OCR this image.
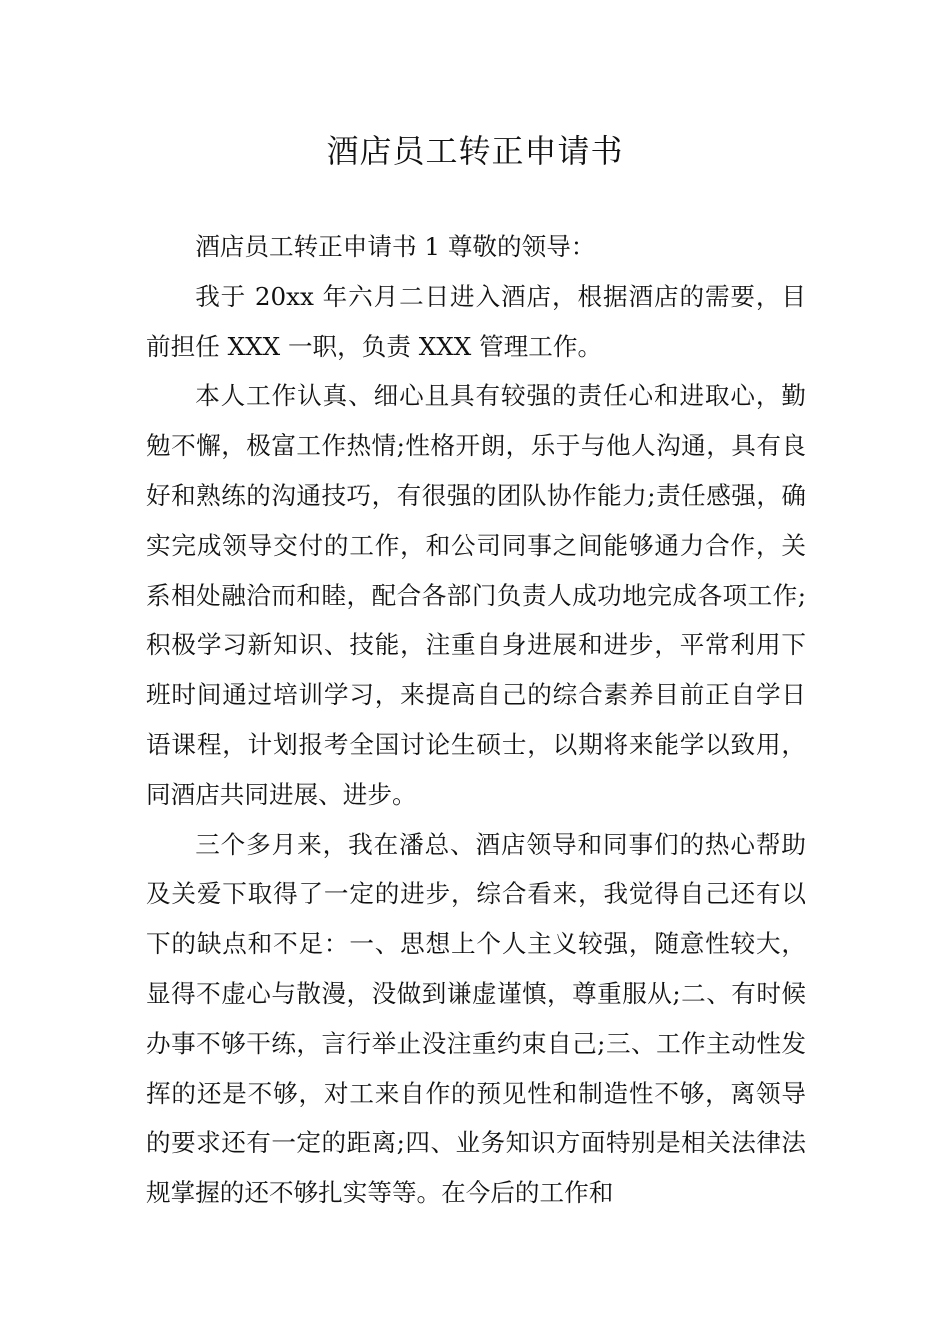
酒店员工转正申请书

酒店员工转正申请书 1 尊敬的领导：

我于 20xx 年六月二日进入酒店，根据酒店的需要，目前担任 XXX 一职，负责 XXX 管理工作。

本人工作认真、细心且具有较强的责任心和进取心，勤勉不懈，极富工作热情;性格开朗，乐于与他人沟通，具有良好和熟练的沟通技巧，有很强的团队协作能力;责任感强，确实完成领导交付的工作，和公司同事之间能够通力合作，关系相处融洽而和睦，配合各部门负责人成功地完成各项工作;积极学习新知识、技能，注重自身进展和进步，平常利用下班时间通过培训学习，来提高自己的综合素养目前正自学日语课程，计划报考全国讨论生硕士，以期将来能学以致用，同酒店共同进展、进步。

三个多月来，我在潘总、酒店领导和同事们的热心帮助及关爱下取得了一定的进步，综合看来，我觉得自己还有以下的缺点和不足：一、思想上个人主义较强，随意性较大，显得不虚心与散漫，没做到谦虚谨慎，尊重服从;二、有时候办事不够干练，言行举止没注重约束自己;三、工作主动性发挥的还是不够，对工来自作的预见性和制造性不够，离领导的要求还有一定的距离;四、业务知识方面特别是相关法律法规掌握的还不够扎实等等。在今后的工作和
